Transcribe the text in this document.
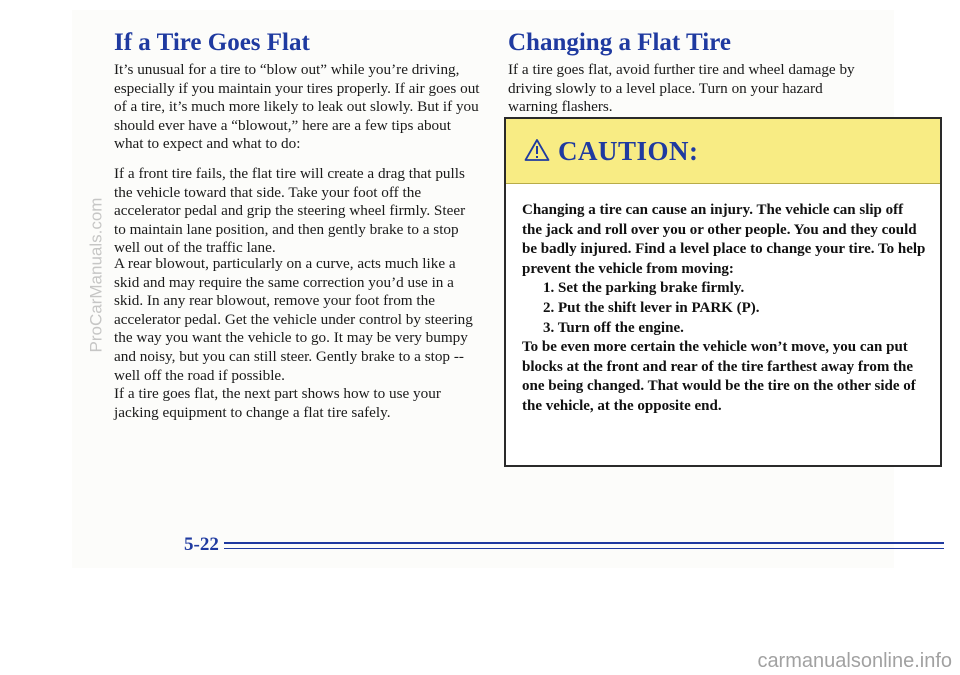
If a Tire Goes Flat

It’s unusual for a tire to “blow out” while you’re driving, especially if you maintain your tires properly. If air goes out of a tire, it’s much more likely to leak out slowly. But if you should ever have a “blowout,” here are a few tips about what to expect and what to do:

If a front tire fails, the flat tire will create a drag that pulls the vehicle toward that side. Take your foot off the accelerator pedal and grip the steering wheel firmly. Steer to maintain lane position, and then gently brake to a stop well out of the traffic lane.

A rear blowout, particularly on a curve, acts much like a skid and may require the same correction you’d use in a skid. In any rear blowout, remove your foot from the accelerator pedal. Get the vehicle under control by steering the way you want the vehicle to go. It may be very bumpy and noisy, but you can still steer. Gently brake to a stop -- well off the road if possible.

If a tire goes flat, the next part shows how to use your jacking equipment to change a flat tire safely.

Changing a Flat Tire

If a tire goes flat, avoid further tire and wheel damage by driving slowly to a level place. Turn on your hazard warning flashers.

CAUTION:

Changing a tire can cause an injury. The vehicle can slip off the jack and roll over you or other people. You and they could be badly injured. Find a level place to change your tire. To help prevent the vehicle from moving:

1. Set the parking brake firmly.
2. Put the shift lever in PARK (P).
3. Turn off the engine.

To be even more certain the vehicle won’t move, you can put blocks at the front and rear of the tire farthest away from the one being changed. That would be the tire on the other side of the vehicle, at the opposite end.

5-22
ProCarManuals.com
carmanualsonline.info
